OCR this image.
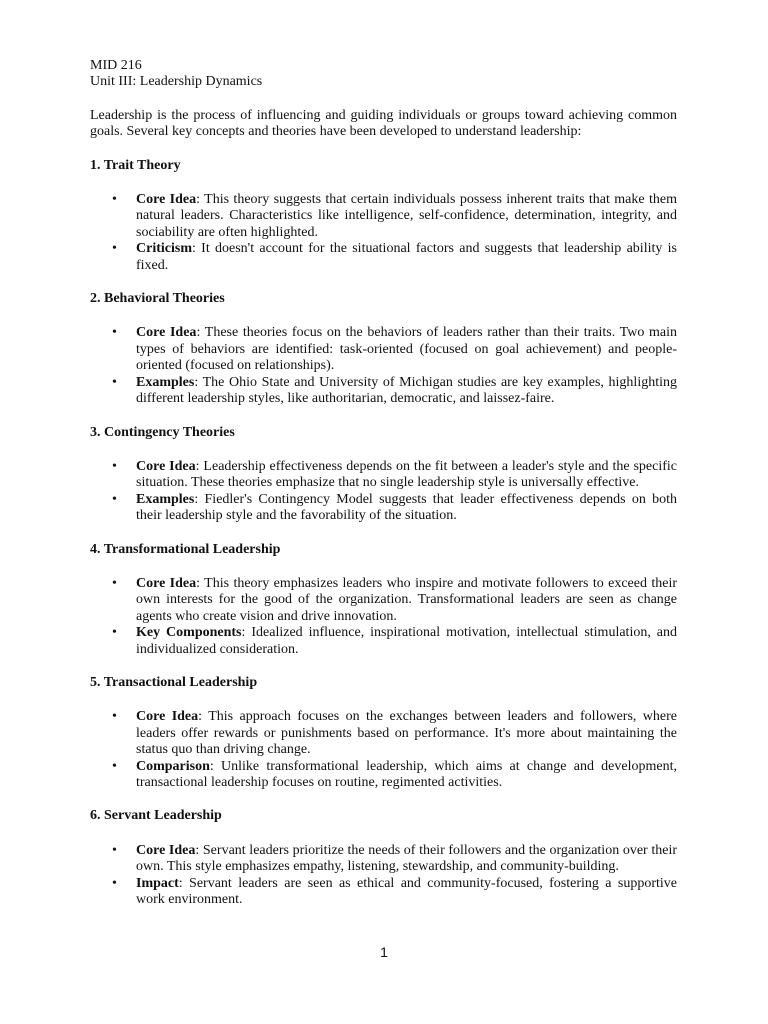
MID 216

Unit III: Leadership Dynamics

Leadership is the process of influencing and guiding individuals or groups toward achieving common goals. Several key concepts and theories have been developed to understand leadership:

1. Trait Theory

• Core Idea: This theory suggests that certain individuals possess inherent traits that make them natural leaders. Characteristics like intelligence, self-confidence, determination, integrity, and sociability are often highlighted.
• Criticism: It doesn't account for the situational factors and suggests that leadership ability is fixed.

2. Behavioral Theories

• Core Idea: These theories focus on the behaviors of leaders rather than their traits. Two main types of behaviors are identified: task-oriented (focused on goal achievement) and people-oriented (focused on relationships).
• Examples: The Ohio State and University of Michigan studies are key examples, highlighting different leadership styles, like authoritarian, democratic, and laissez-faire.

3. Contingency Theories

• Core Idea: Leadership effectiveness depends on the fit between a leader's style and the specific situation. These theories emphasize that no single leadership style is universally effective.
• Examples: Fiedler's Contingency Model suggests that leader effectiveness depends on both their leadership style and the favorability of the situation.

4. Transformational Leadership

• Core Idea: This theory emphasizes leaders who inspire and motivate followers to exceed their own interests for the good of the organization. Transformational leaders are seen as change agents who create vision and drive innovation.
• Key Components: Idealized influence, inspirational motivation, intellectual stimulation, and individualized consideration.

5. Transactional Leadership

• Core Idea: This approach focuses on the exchanges between leaders and followers, where leaders offer rewards or punishments based on performance. It's more about maintaining the status quo than driving change.
• Comparison: Unlike transformational leadership, which aims at change and development, transactional leadership focuses on routine, regimented activities.

6. Servant Leadership

• Core Idea: Servant leaders prioritize the needs of their followers and the organization over their own. This style emphasizes empathy, listening, stewardship, and community-building.
• Impact: Servant leaders are seen as ethical and community-focused, fostering a supportive work environment.
1
